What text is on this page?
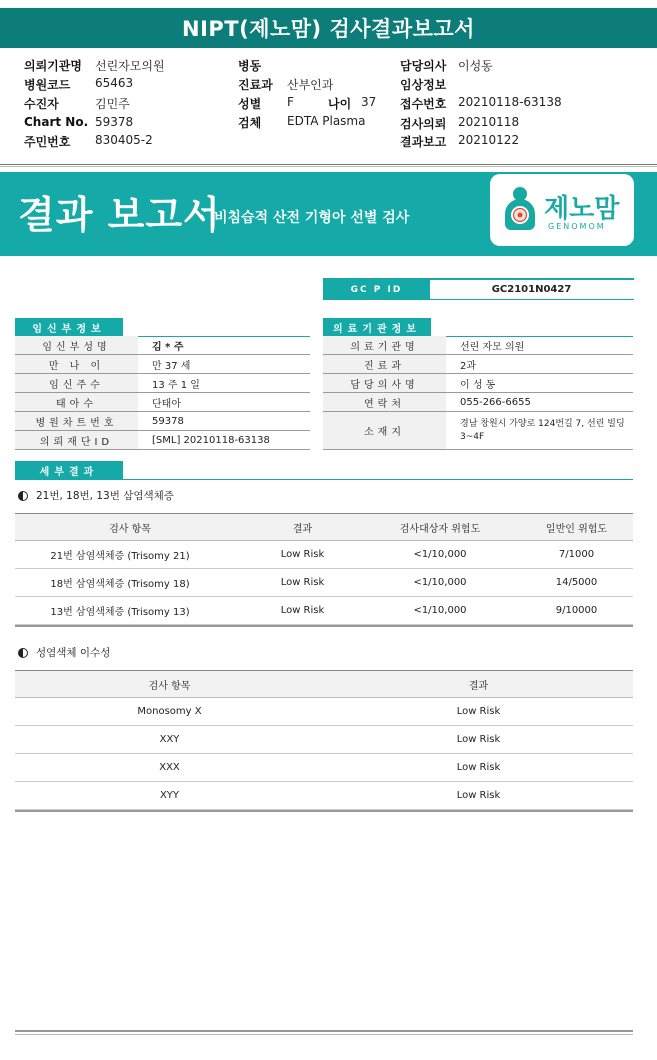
NIPT(제노맘) 검사결과보고서
의뢰기관명 선린자모의원
병원코드 65463
수진자	김민주
Chart No. 59378
주민번호 830405-2
병동
진료과 산부인과
성별 F	나이 37
검체 EDTA Plasma
담당의사 이성동
임상정보
접수번호 20210118-63138
검사의뢰 20210118
결과보고 20210122
결과 보고서
비침습적 산전 기형아 선별 검사	제노맘
GENOMOM
GC P ID	GC2101N0427
임신부정보
임신부성명	김 * 주
만 나 이	만 37 세
임신주수	13 주 1 일
태아수	단태아
병원차트번호	59378
의뢰재단ID	[SML] 20210118-63138
의료기관정보
의료기관명	선린 자모 의원
진료과	2과
담당의사명	이 성 동
연락처	055-266-6655
소재지
경남 창원시 가양로 124번길 7, 선린 빌딩 3~4F
세부결과
21번, 18번, 13번 삼염색체증
검사 항목	결과	검사대상자 위험도	일반인 위험도
21번 삼염색체증 (Trisomy 21)	Low Risk	<1/10,000	7/1000
18번 삼염색체증 (Trisomy 18)	Low Risk	<1/10,000	14/5000
13번 삼염색체증 (Trisomy 13)	Low Risk	<1/10,000	9/10000
성염색체 이수성
검사 항목	결과
Monosomy X	Low Risk
XXY	Low Risk
XXX	Low Risk
XYY	Low Risk
